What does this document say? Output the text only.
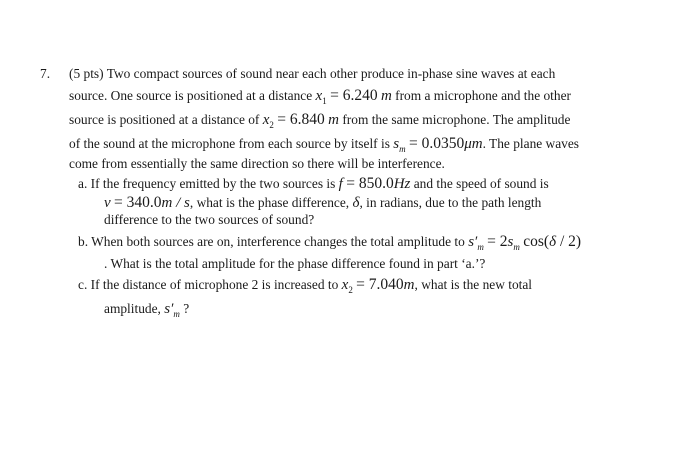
7. (5 pts) Two compact sources of sound near each other produce in-phase sine waves at each
source. One source is positioned at a distance $x_1 = 6.240$ m from a microphone and the other
source is positioned at a distance of $x_2 = 6.840$ m from the same microphone. The amplitude
of the sound at the microphone from each source by itself is $s_m = 0.0350\mu m$. The plane waves
come from essentially the same direction so there will be interference.
a. If the frequency emitted by the two sources is f = 850.0Hz and the speed of sound is
v = 340.0m / s, what is the phase difference, δ, in radians, due to the path length
difference to the two sources of sound?
b. When both sources are on, interference changes the total amplitude to $s'_m = 2s_m$ cos(δ / 2)
. What is the total amplitude for the phase difference found in part ‘a.’?
c. If the distance of microphone 2 is increased to $x_2 = 7.040m$, what is the new total
amplitude, $s'_m$ ?
